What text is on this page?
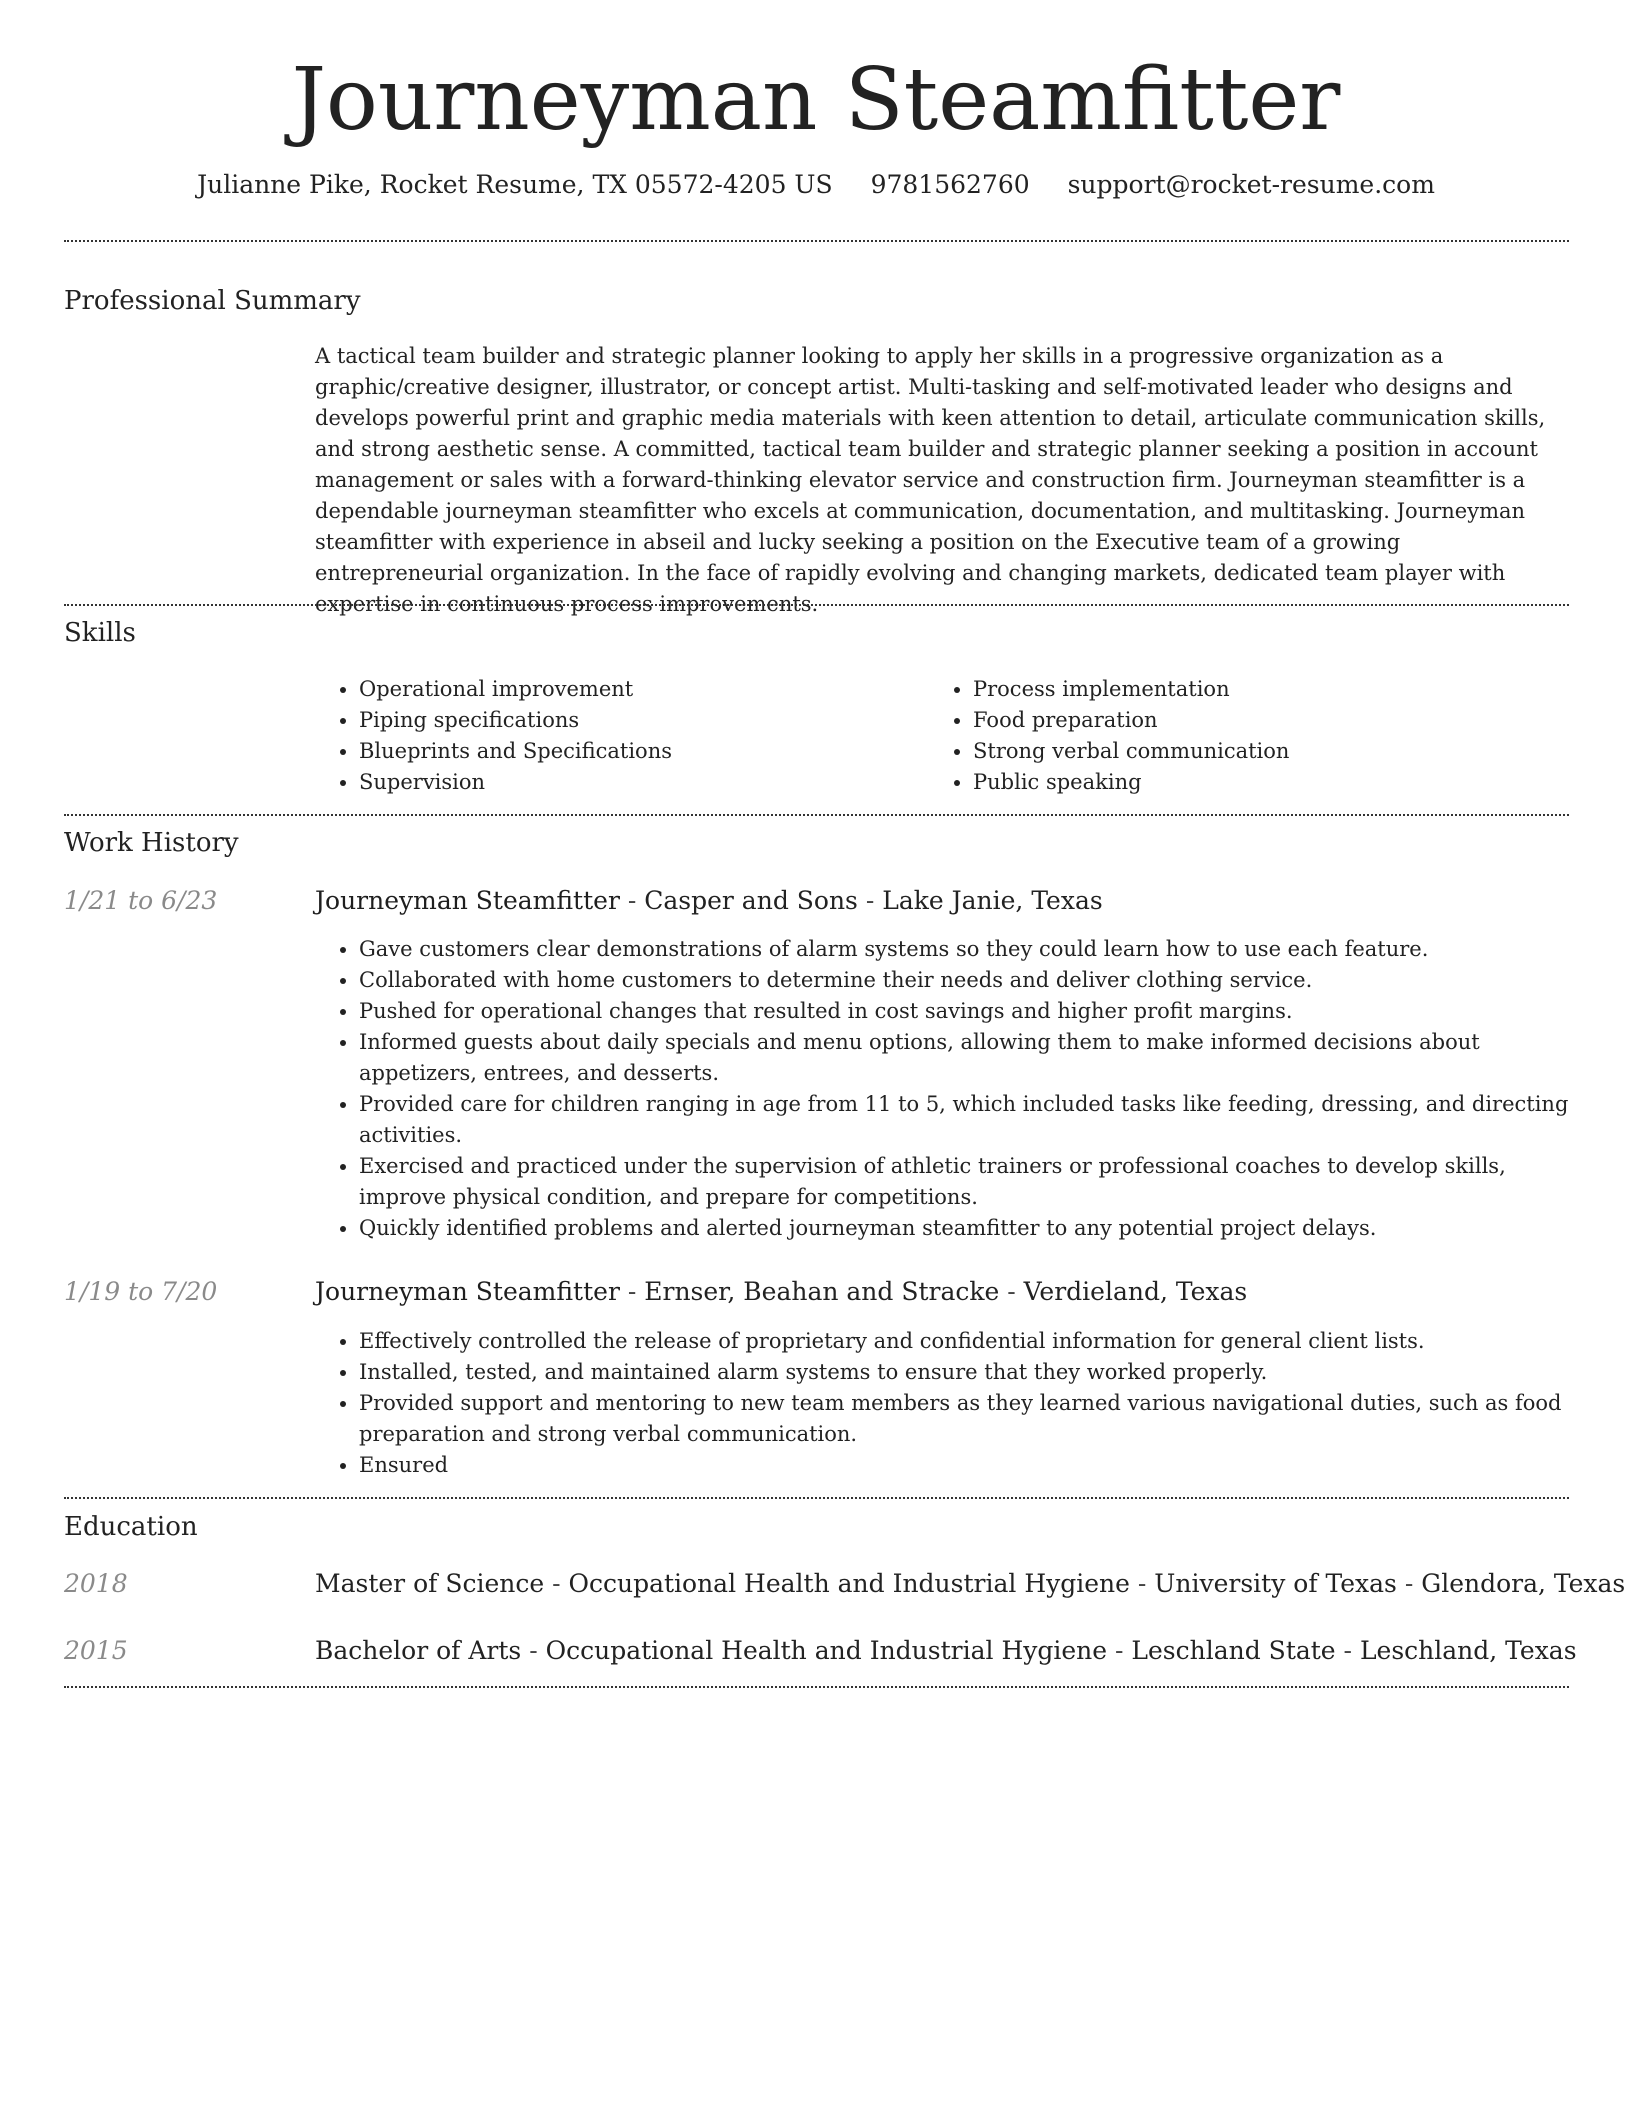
Journeyman Steamfitter
Julianne Pike, Rocket Resume, TX 05572-4205 US 9781562760 support@rocket-resume.com
Professional Summary

A tactical team builder and strategic planner looking to apply her skills in a progressive organization as a graphic/creative designer, illustrator, or concept artist. Multi-tasking and self-motivated leader who designs and develops powerful print and graphic media materials with keen attention to detail, articulate communication skills, and strong aesthetic sense. A committed, tactical team builder and strategic planner seeking a position in account management or sales with a forward-thinking elevator service and construction firm. Journeyman steamfitter is a dependable journeyman steamfitter who excels at communication, documentation, and multitasking. Journeyman steamfitter with experience in abseil and lucky seeking a position on the Executive team of a growing entrepreneurial organization. In the face of rapidly evolving and changing markets, dedicated team player with expertise in continuous process improvements.

Skills
• Operational improvement
• Piping specifications
• Blueprints and Specifications
• Supervision
• Process implementation
• Food preparation
• Strong verbal communication
• Public speaking
Work History
1/21 to 6/23	Journeyman Steamfitter - Casper and Sons - Lake Janie, Texas
• Gave customers clear demonstrations of alarm systems so they could learn how to use each feature.
• Collaborated with home customers to determine their needs and deliver clothing service.
• Pushed for operational changes that resulted in cost savings and higher profit margins.
• Informed guests about daily specials and menu options, allowing them to make informed decisions about appetizers, entrees, and desserts.
• Provided care for children ranging in age from 11 to 5, which included tasks like feeding, dressing, and directing activities.
• Exercised and practiced under the supervision of athletic trainers or professional coaches to develop skills, improve physical condition, and prepare for competitions.
• Quickly identified problems and alerted journeyman steamfitter to any potential project delays.
1/19 to 7/20	Journeyman Steamfitter - Ernser, Beahan and Stracke - Verdieland, Texas
• Effectively controlled the release of proprietary and confidential information for general client lists.
• Installed, tested, and maintained alarm systems to ensure that they worked properly.
• Provided support and mentoring to new team members as they learned various navigational duties, such as food preparation and strong verbal communication.
• Ensured
Education
2018	Master of Science - Occupational Health and Industrial Hygiene - University of Texas - Glendora, Texas
2015	Bachelor of Arts - Occupational Health and Industrial Hygiene - Leschland State - Leschland, Texas
